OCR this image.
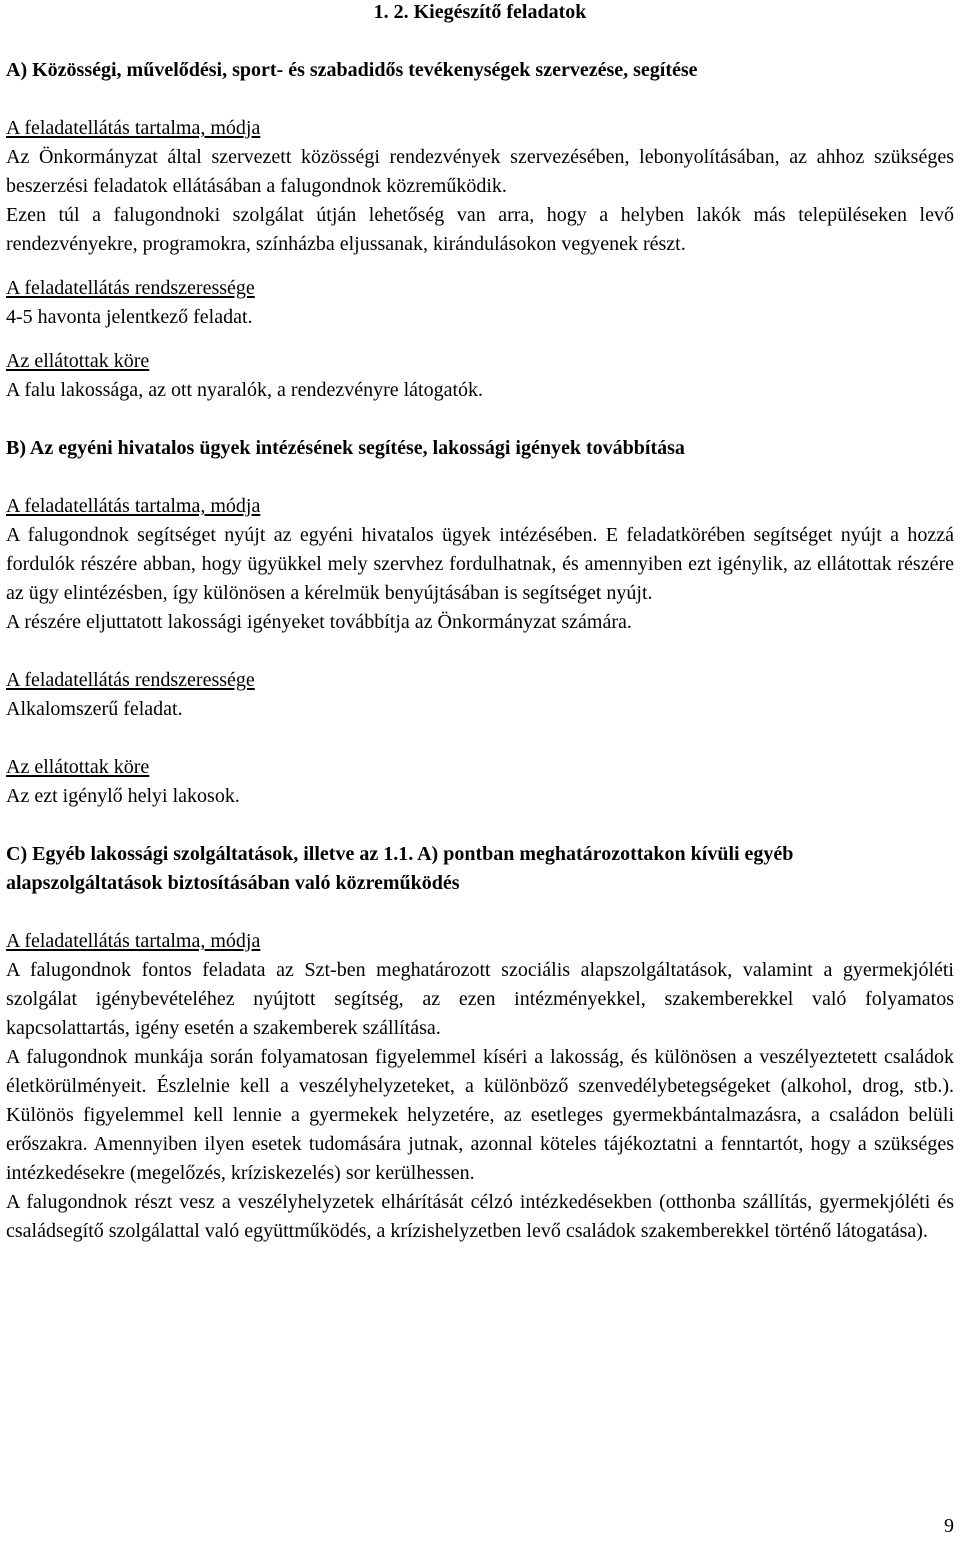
1. 2. Kiegészítő feladatok

A) Közösségi, művelődési, sport- és szabadidős tevékenységek szervezése, segítése

A feladatellátás tartalma, módja

Az Önkormányzat által szervezett közösségi rendezvények szervezésében, lebonyolításában, az ahhoz szükséges beszerzési feladatok ellátásában a falugondnok közreműködik.

Ezen túl a falugondnoki szolgálat útján lehetőség van arra, hogy a helyben lakók más településeken levő rendezvényekre, programokra, színházba eljussanak, kirándulásokon vegyenek részt.

A feladatellátás rendszeressége

4-5 havonta jelentkező feladat.

Az ellátottak köre

A falu lakossága, az ott nyaralók, a rendezvényre látogatók.

B) Az egyéni hivatalos ügyek intézésének segítése, lakossági igények továbbítása

A feladatellátás tartalma, módja

A falugondnok segítséget nyújt az egyéni hivatalos ügyek intézésében. E feladatkörében segítséget nyújt a hozzá fordulók részére abban, hogy ügyükkel mely szervhez fordulhatnak, és amennyiben ezt igénylik, az ellátottak részére az ügy elintézésben, így különösen a kérelmük benyújtásában is segítséget nyújt.

A részére eljuttatott lakossági igényeket továbbítja az Önkormányzat számára.

A feladatellátás rendszeressége

Alkalomszerű feladat.

Az ellátottak köre

Az ezt igénylő helyi lakosok.

C) Egyéb lakossági szolgáltatások, illetve az 1.1. A) pontban meghatározottakon kívüli egyéb alapszolgáltatások biztosításában való közreműködés

A feladatellátás tartalma, módja

A falugondnok fontos feladata az Szt-ben meghatározott szociális alapszolgáltatások, valamint a gyermekjóléti szolgálat igénybevételéhez nyújtott segítség, az ezen intézményekkel, szakemberekkel való folyamatos kapcsolattartás, igény esetén a szakemberek szállítása.

A falugondnok munkája során folyamatosan figyelemmel kíséri a lakosság, és különösen a veszélyeztetett családok életkörülményeit. Észlelnie kell a veszélyhelyzeteket, a különböző szenvedélybetegségeket (alkohol, drog, stb.). Különös figyelemmel kell lennie a gyermekek helyzetére, az esetleges gyermekbántalmazásra, a családon belüli erőszakra. Amennyiben ilyen esetek tudomására jutnak, azonnal köteles tájékoztatni a fenntartót, hogy a szükséges intézkedésekre (megelőzés, kríziskezelés) sor kerülhessen.

A falugondnok részt vesz a veszélyhelyzetek elhárítását célzó intézkedésekben (otthonba szállítás, gyermekjóléti és családsegítő szolgálattal való együttműködés, a krízishelyzetben levő családok szakemberekkel történő látogatása).

9
